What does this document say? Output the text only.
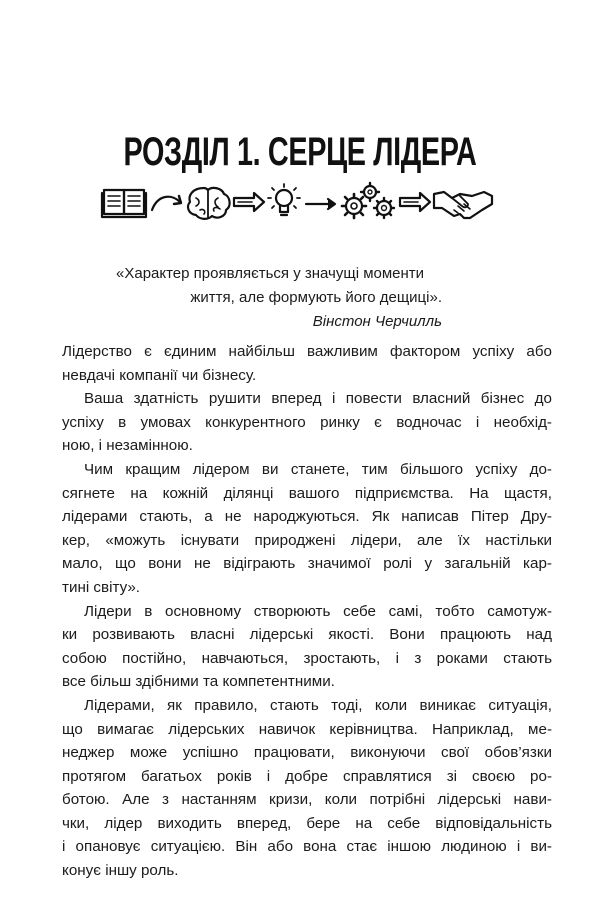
РОЗДІЛ 1. СЕРЦЕ ЛІДЕРА
«Характер проявляється у значущі моменти
життя, але формують його дещиці».
Вінстон Черчилль
Лідерство є єдиним найбільш важливим фактором успіху або
невдачі компанії чи бізнесу.
Ваша здатність рушити вперед і повести власний бізнес до
успіху в умовах конкурентного ринку є водночас і необхід-
ною, і незамінною.
Чим кращим лідером ви станете, тим більшого успіху до-
сягнете на кожній ділянці вашого підприємства. На щастя,
лідерами стають, а не народжуються. Як написав Пітер Дру-
кер, «можуть існувати природжені лідери, але їх настільки
мало, що вони не відіграють значимої ролі у загальній кар-
тині світу».
Лідери в основному створюють себе самі, тобто самотуж-
ки розвивають власні лідерські якості. Вони працюють над
собою постійно, навчаються, зростають, і з роками стають
все більш здібними та компетентними.
Лідерами, як правило, стають тоді, коли виникає ситуація,
що вимагає лідерських навичок керівництва. Наприклад, ме-
неджер може успішно працювати, виконуючи свої обов’язки
протягом багатьох років і добре справлятися зі своєю ро-
ботою. Але з настанням кризи, коли потрібні лідерські нави-
чки, лідер виходить вперед, бере на себе відповідальність
і опановує ситуацією. Він або вона стає іншою людиною і ви-
конує іншу роль.
